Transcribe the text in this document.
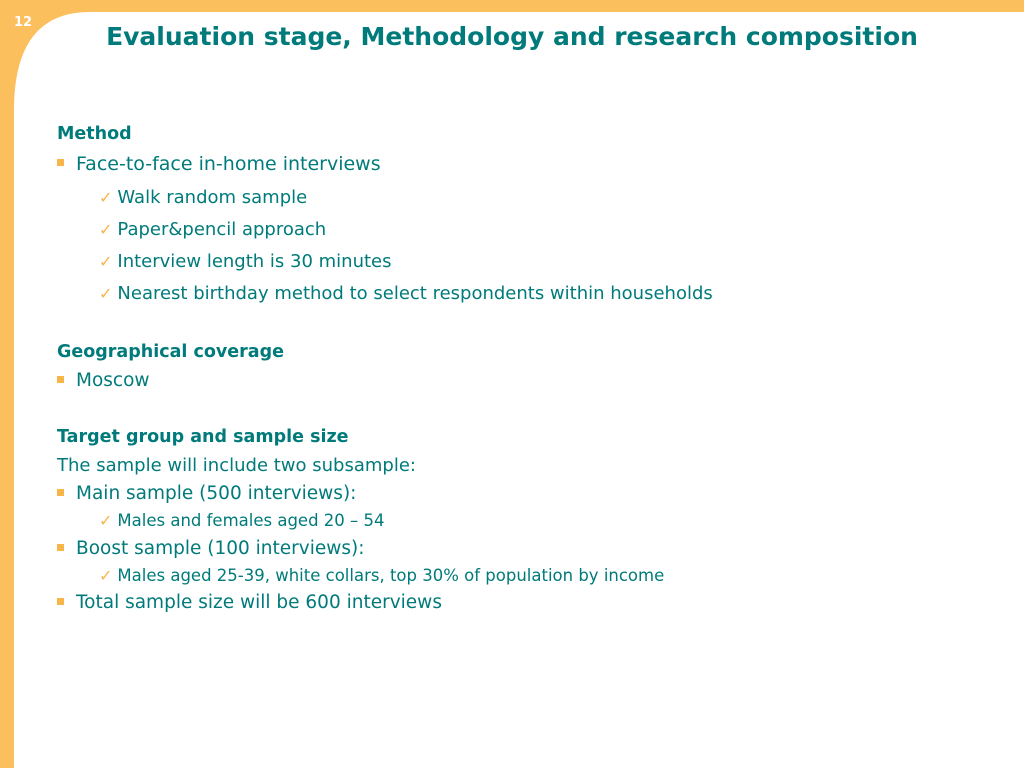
12	Evaluation stage, Methodology and research composition
Method
Face-to-face in-home interviews
✓ Walk random sample
✓ Paper&pencil approach
✓ Interview length is 30 minutes
✓ Nearest birthday method to select respondents within households
Geographical coverage
Moscow
Target group and sample size
The sample will include two subsample:
Main sample (500 interviews):
✓ Males and females aged 20 – 54
Boost sample (100 interviews):
✓ Males aged 25-39, white collars, top 30% of population by income
Total sample size will be 600 interviews
